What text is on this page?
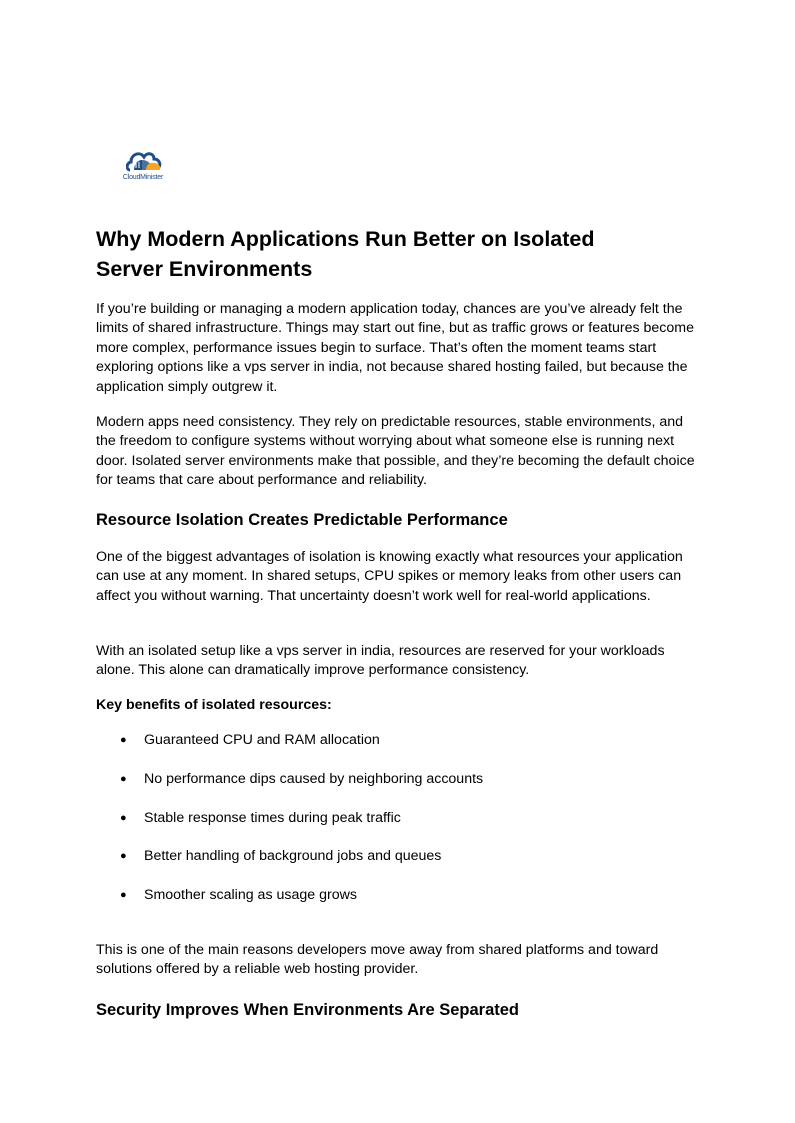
CloudMinister
Why Modern Applications Run Better on Isolated Server Environments

If you’re building or managing a modern application today, chances are you’ve already felt the limits of shared infrastructure. Things may start out fine, but as traffic grows or features become more complex, performance issues begin to surface. That’s often the moment teams start exploring options like a vps server in india, not because shared hosting failed, but because the application simply outgrew it.

Modern apps need consistency. They rely on predictable resources, stable environments, and the freedom to configure systems without worrying about what someone else is running next door. Isolated server environments make that possible, and they’re becoming the default choice for teams that care about performance and reliability.

Resource Isolation Creates Predictable Performance

One of the biggest advantages of isolation is knowing exactly what resources your application can use at any moment. In shared setups, CPU spikes or memory leaks from other users can affect you without warning. That uncertainty doesn’t work well for real-world applications.

With an isolated setup like a vps server in india, resources are reserved for your workloads alone. This alone can dramatically improve performance consistency.

Key benefits of isolated resources:

● Guaranteed CPU and RAM allocation
● No performance dips caused by neighboring accounts
● Stable response times during peak traffic
● Better handling of background jobs and queues
● Smoother scaling as usage grows

This is one of the main reasons developers move away from shared platforms and toward solutions offered by a reliable web hosting provider.

Security Improves When Environments Are Separated
